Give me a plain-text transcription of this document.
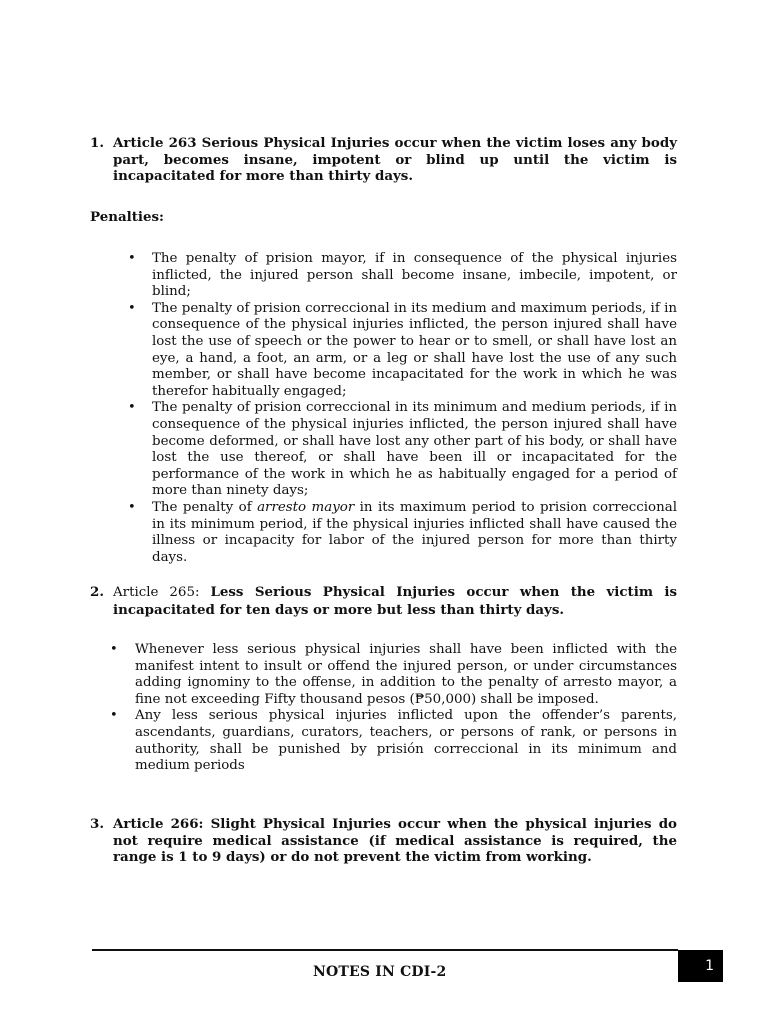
1. Article 263 Serious Physical Injuries occur when the victim loses any body part, becomes insane, impotent or blind up until the victim is incapacitated for more than thirty days.
Penalties:
• The penalty of prision mayor, if in consequence of the physical injuries inflicted, the injured person shall become insane, imbecile, impotent, or blind;
• The penalty of prision correccional in its medium and maximum periods, if in consequence of the physical injuries inflicted, the person injured shall have lost the use of speech or the power to hear or to smell, or shall have lost an eye, a hand, a foot, an arm, or a leg or shall have lost the use of any such member, or shall have become incapacitated for the work in which he was therefor habitually engaged;
• The penalty of prision correccional in its minimum and medium periods, if in consequence of the physical injuries inflicted, the person injured shall have become deformed, or shall have lost any other part of his body, or shall have lost the use thereof, or shall have been ill or incapacitated for the performance of the work in which he as habitually engaged for a period of more than ninety days;
• The penalty of arresto mayor in its maximum period to prision correccional in its minimum period, if the physical injuries inflicted shall have caused the illness or incapacity for labor of the injured person for more than thirty days.
2. Article 265: Less Serious Physical Injuries occur when the victim is incapacitated for ten days or more but less than thirty days.
• Whenever less serious physical injuries shall have been inflicted with the manifest intent to insult or offend the injured person, or under circumstances adding ignominy to the offense, in addition to the penalty of arresto mayor, a fine not exceeding Fifty thousand pesos (₱50,000) shall be imposed.
• Any less serious physical injuries inflicted upon the offender’s parents, ascendants, guardians, curators, teachers, or persons of rank, or persons in authority, shall be punished by prisión correccional in its minimum and medium periods
3. Article 266: Slight Physical Injuries occur when the physical injuries do not require medical assistance (if medical assistance is required, the range is 1 to 9 days) or do not prevent the victim from working.
NOTES IN CDI-2	1
